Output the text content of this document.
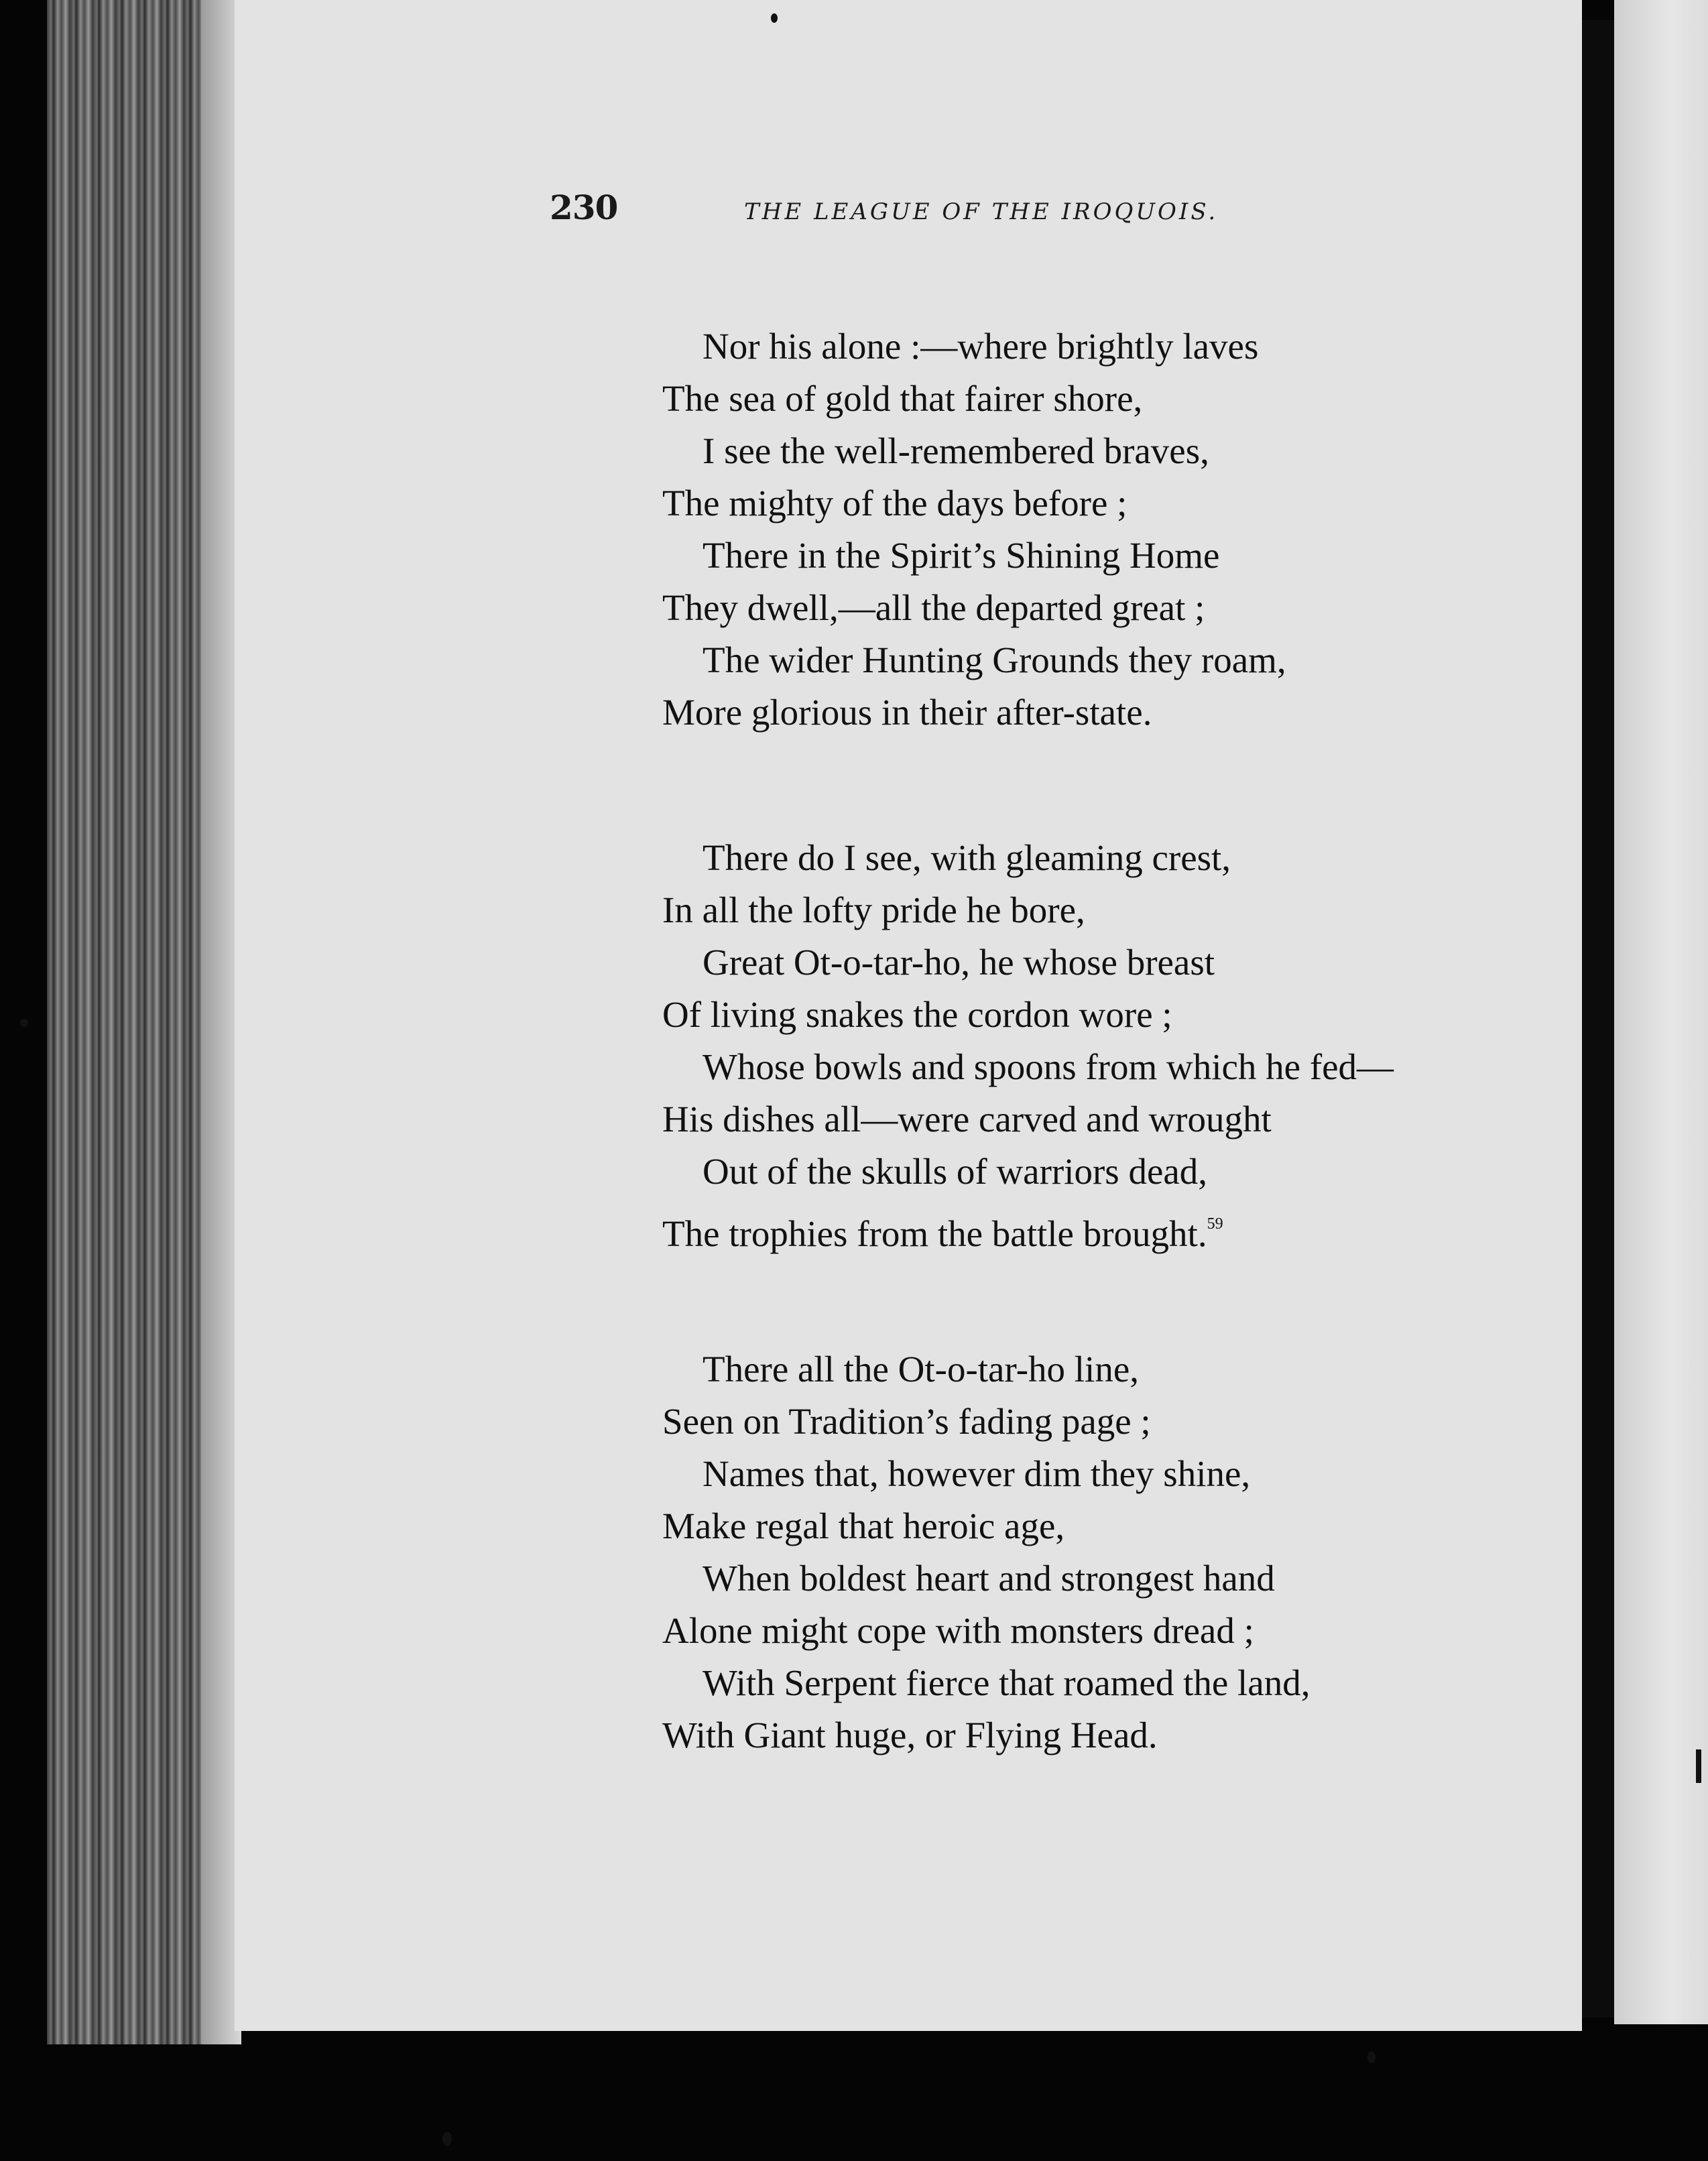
230	THE LEAGUE OF THE IROQUOIS.
Nor his alone :—where brightly laves
The sea of gold that fairer shore,
I see the well-remembered braves,
The mighty of the days before ;
There in the Spirit’s Shining Home
They dwell,—all the departed great ;
The wider Hunting Grounds they roam,
More glorious in their after-state.
There do I see, with gleaming crest,
In all the lofty pride he bore,
Great Ot-o-tar-ho, he whose breast
Of living snakes the cordon wore ;
Whose bowls and spoons from which he fed—
His dishes all—were carved and wrought
Out of the skulls of warriors dead,
The trophies from the battle brought.$^{59}$
There all the Ot-o-tar-ho line,
Seen on Tradition’s fading page ;
Names that, however dim they shine,
Make regal that heroic age,
When boldest heart and strongest hand
Alone might cope with monsters dread ;
With Serpent fierce that roamed the land,
With Giant huge, or Flying Head.
